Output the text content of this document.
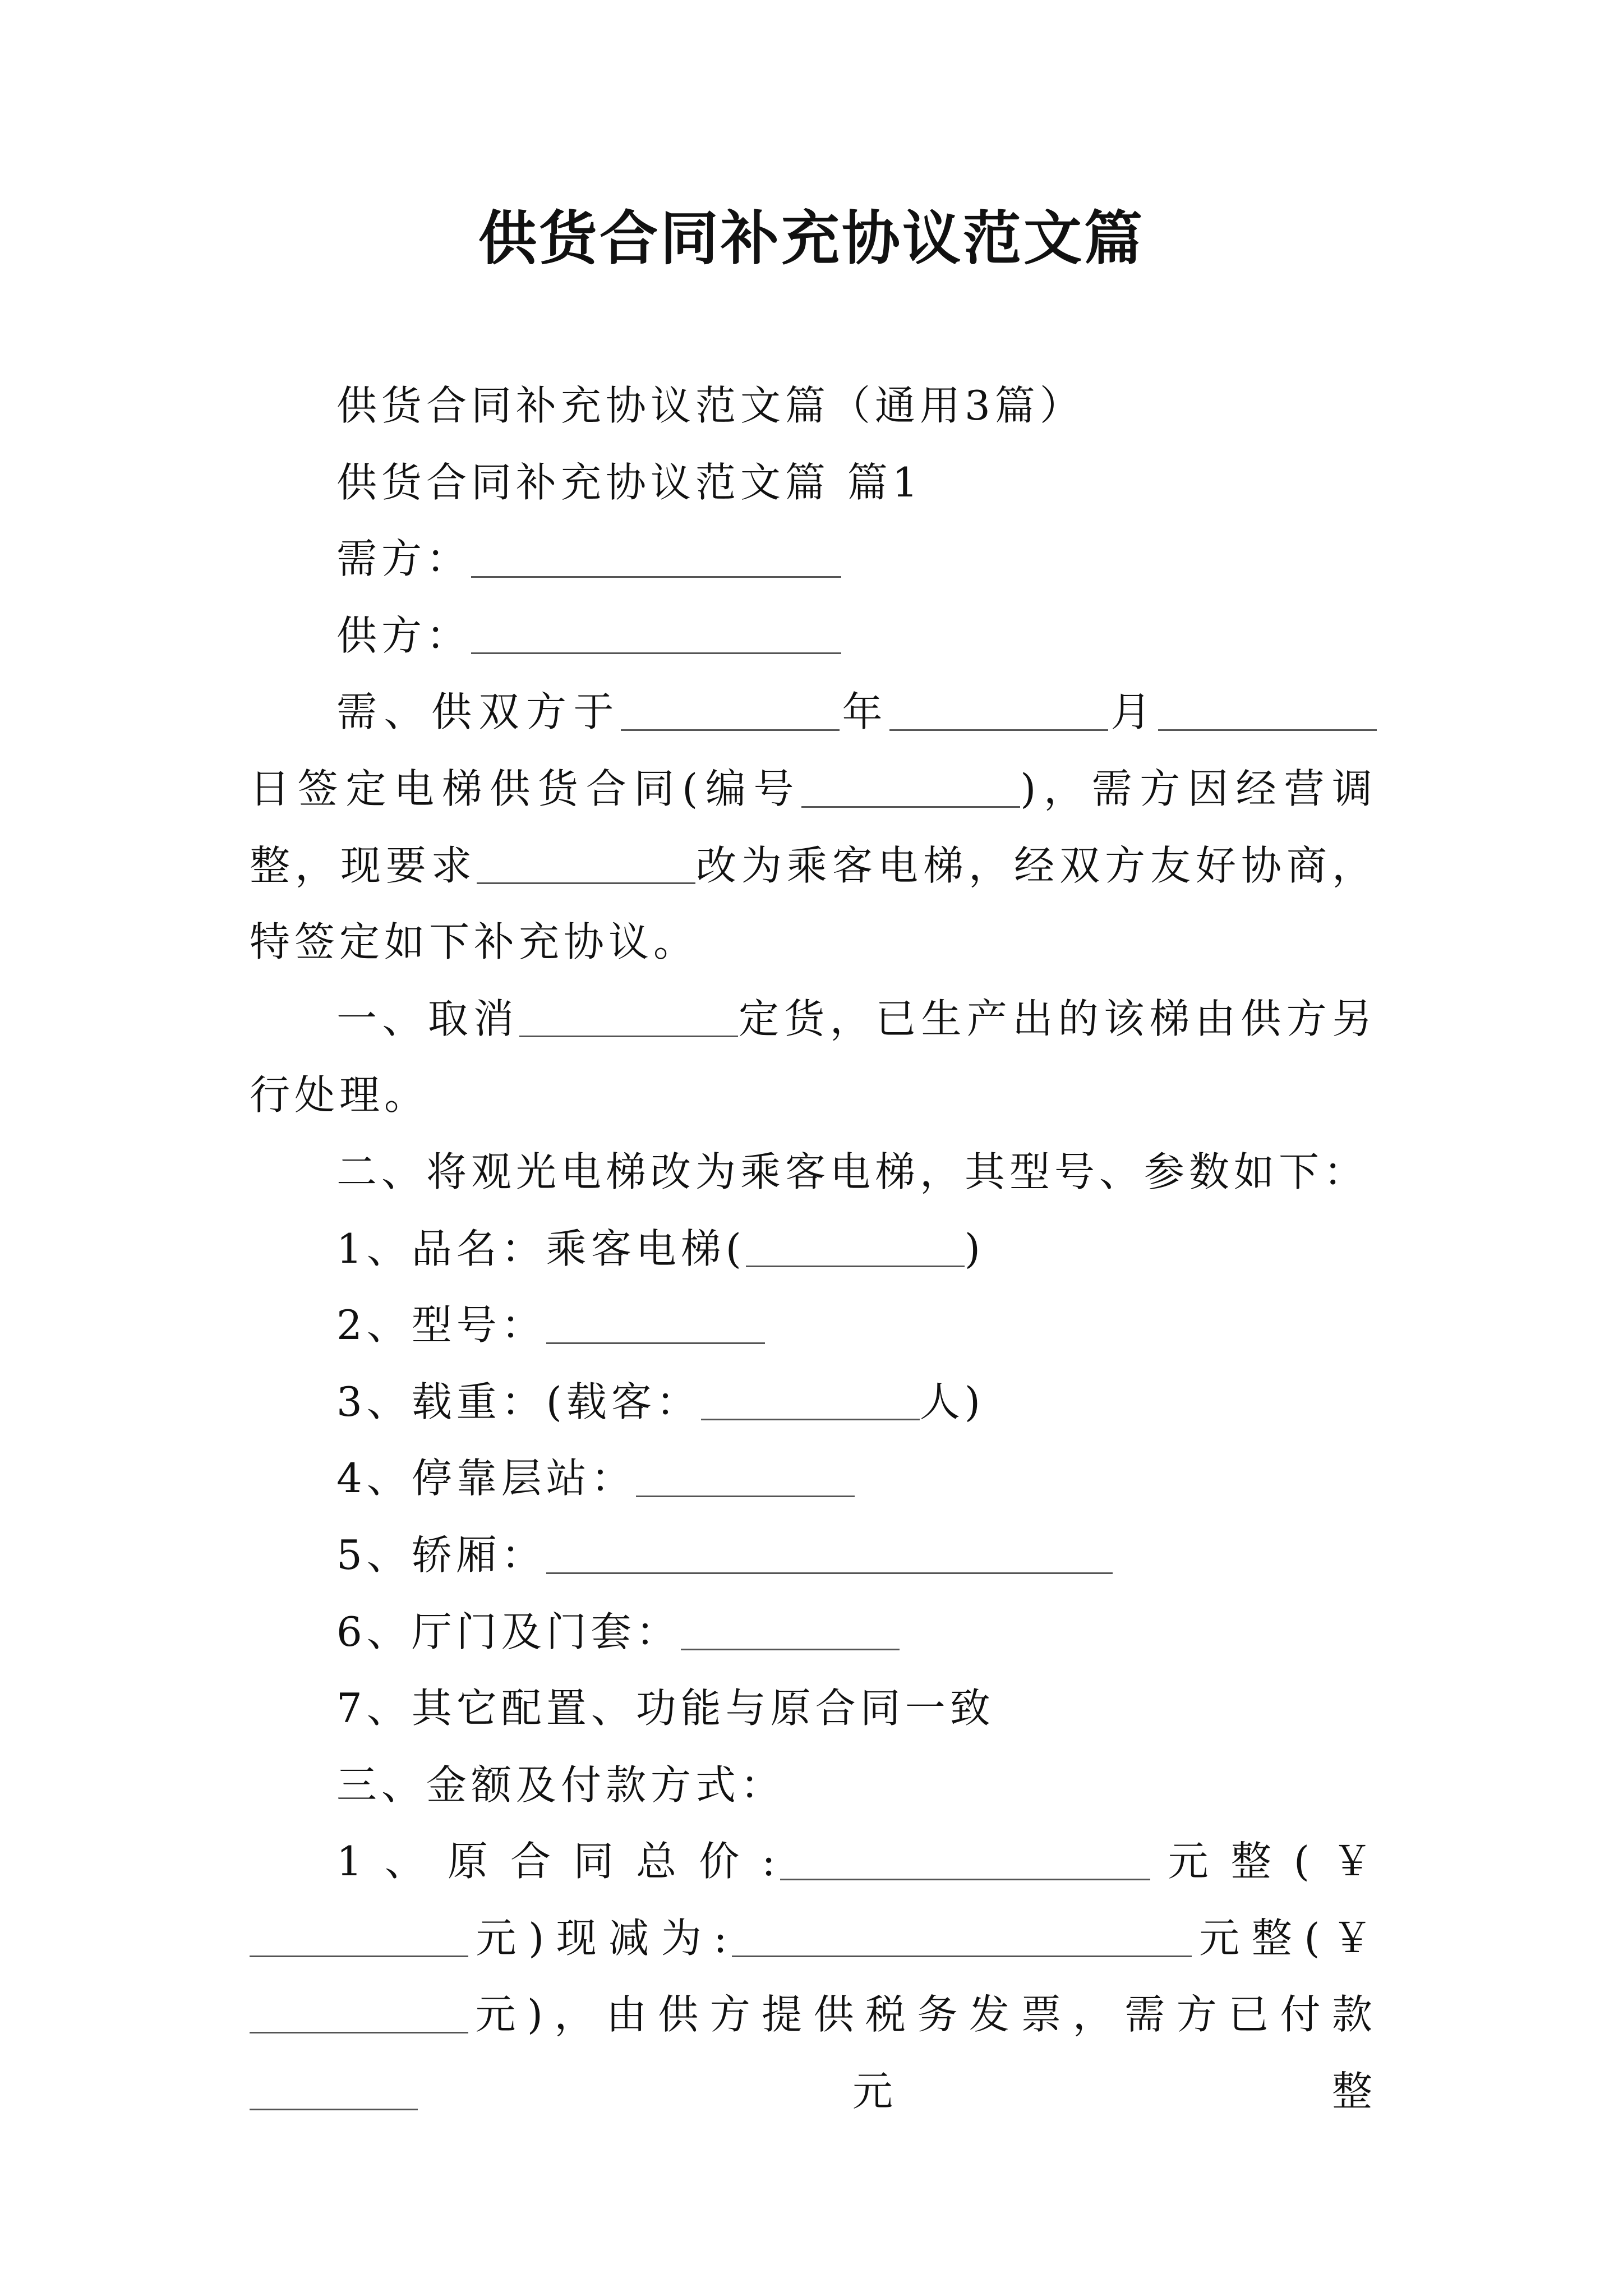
供货合同补充协议范文篇

供货合同补充协议范文篇（通用3篇）

供货合同补充协议范文篇 篇1

需方：

供方：

需、供双方于	年	月日签定电梯供货合同(编号	)，需方因经营调整，现要求	改为乘客电梯，经双方友好协商，特签定如下补充协议。

一、取消	定货，已生产出的该梯由供方另行处理。

二、将观光电梯改为乘客电梯，其型号、参数如下：

1、品名：乘客电梯(	)

2、型号：

3、载重：(载客：	人)

4、停靠层站：

5、轿厢：

6、厅门及门套：

7、其它配置、功能与原合同一致

三、金额及付款方式：

1、原合同总价:	元整(￥元)现减为:	元整(￥元)，由供方提供税务发票，需方已付款元整
